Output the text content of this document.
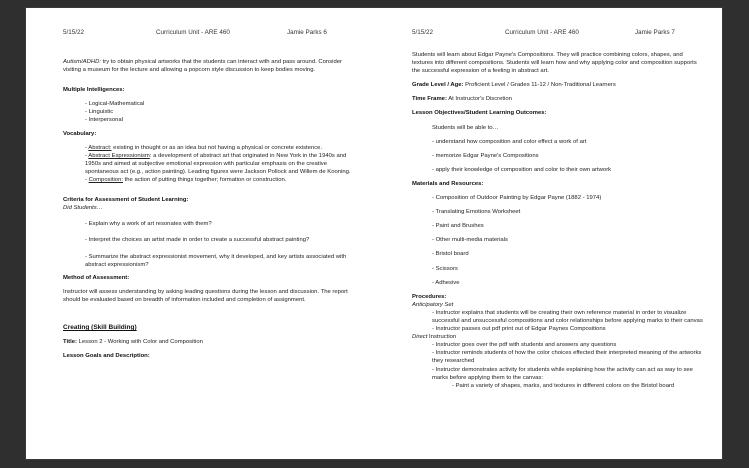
5/15/22	Curriculum Unit - ARE 460	Jamie Parks 6

Autism/ADHD: try to obtain physical artworks that the students can interact with and pass around. Consider visiting a museum for the lecture and allowing a popcorn style discussion to keep bodies moving.

Multiple Intelligences:

- Logical-Mathematical

- Linguistic

- Interpersonal

Vocabulary:

- Abstract: existing in thought or as an idea but not having a physical or concrete existence.

- Abstract Expressionism: a development of abstract art that originated in New York in the 1940s and 1950s and aimed at subjective emotional expression with particular emphasis on the creative spontaneous act (e.g., action painting). Leading figures were Jackson Pollock and Willem de Kooning.

- Composition: the action of putting things together; formation or construction.

Criteria for Assessment of Student Learning:

Did Students…

- Explain why a work of art resonates with them?

- Interpret the choices an artist made in order to create a successful abstract painting?

- Summarize the abstract expressionist movement, why it developed, and key artists associated with abstract expressionism?

Method of Assessment:

Instructor will assess understanding by asking leading questions during the lesson and discussion. The report should be evaluated based on breadth of information included and completion of assignment.

Creating (Skill Building)

Title: Lesson 2 - Working with Color and Composition

Lesson Goals and Description:

5/15/22	Curriculum Unit - ARE 460	Jamie Parks 7

Students will learn about Edgar Payne's Compositions. They will practice combining colors, shapes, and textures into different compositions. Students will learn how and why applying color and composition supports the successful expression of a feeling in abstract art.

Grade Level / Age: Proficient Level / Grades 11-12 / Non-Traditional Learners

Time Frame: At Instructor's Discretion

Lesson Objectives/Student Learning Outcomes:

Students will be able to…

- understand how composition and color effect a work of art

- memorize Edgar Payne's Compositions

- apply their knowledge of composition and color to their own artwork

Materials and Resources:

- Composition of Outdoor Painting by Edgar Payne (1882 - 1974)

- Translating Emotions Worksheet

- Paint and Brushes

- Other multi-media materials

- Bristol board

- Scissors

- Adhesive

Procedures:

Anticipatory Set

- Instructor explains that students will be creating their own reference material in order to visualize successful and unsuccessful compositions and color relationships before applying marks to their canvas

- Instructor passes out pdf print out of Edgar Paynes Compositions

Direct Instruction

- Instructor goes over the pdf with students and answers any questions

- Instructor reminds students of how the color choices effected their interpreted meaning of the artworks they researched

- Instructor demonstrates activity for students while explaining how the activity can act as way to see marks before applying them to the canvas:

- Paint a variety of shapes, marks, and textures in different colors on the Bristol board
